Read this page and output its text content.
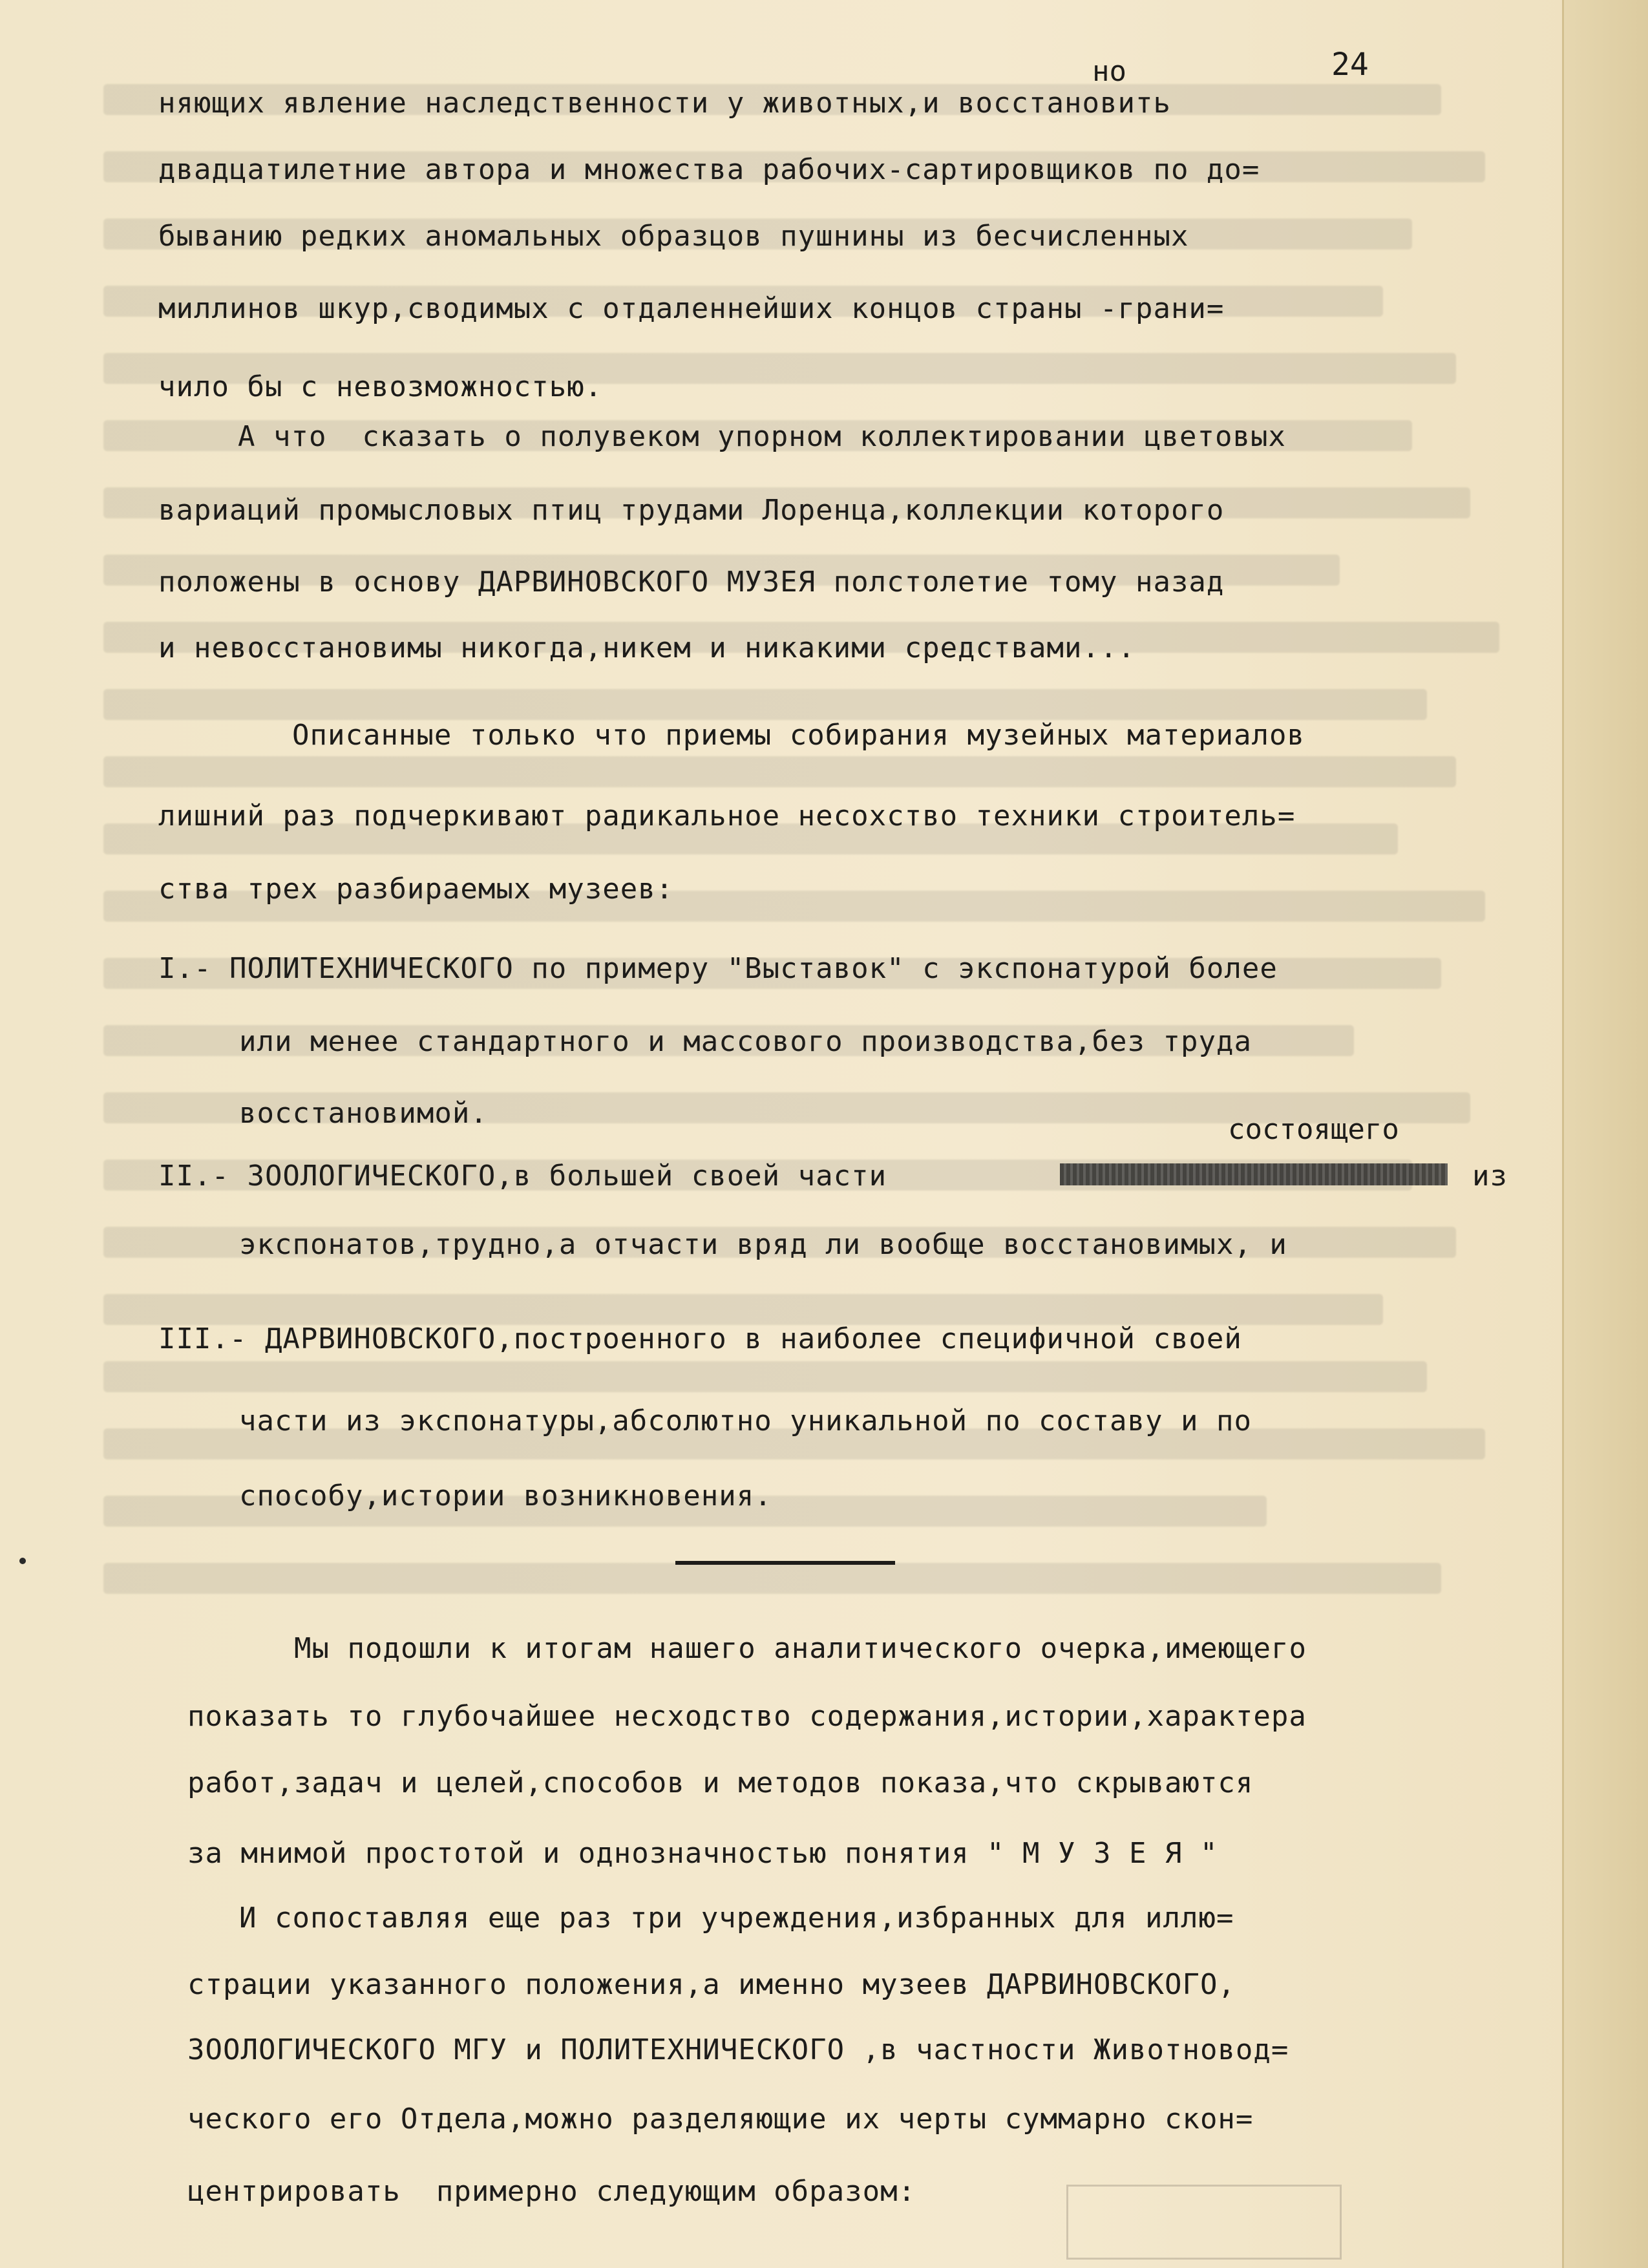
24
но
няющих явление наследственности у животных,и восстановить
двадцатилетние автора и множества рабочих-сартировщиков по до=
быванию редких аномальных образцов пушнины из бесчисленных
миллинов шкур,сводимых с отдаленнейших концов страны -грани=
чило бы с невозможностью.
А что  сказать о полувеком упорном коллектировании цветовых
вариаций промысловых птиц трудами Лоренца,коллекции которого
положены в основу ДАРВИНОВСКОГО МУЗЕЯ полстолетие тому назад
и невосстановимы никогда,никем и никакими средствами...
Описанные только что приемы собирания музейных материалов
лишний раз подчеркивают радикальное несохство техники строитель=
ства трех разбираемых музеев:
I.- ПОЛИТЕХНИЧЕСКОГО по примеру "Выставок" с экспонатурой более
или менее стандартного и массового производства,без труда
восстановимой.	состоящего
II.- ЗООЛОГИЧЕСКОГО,в большей своей части	из
экспонатов,трудно,а отчасти вряд ли вообще восстановимых, и
III.- ДАРВИНОВСКОГО,построенного в наиболее специфичной своей
части из экспонатуры,абсолютно уникальной по составу и по
способу,истории возникновения.
Мы подошли к итогам нашего аналитического очерка,имеющего
показать то глубочайшее несходство содержания,истории,характера
работ,задач и целей,способов и методов показа,что скрываются
за мнимой простотой и однозначностью понятия " М У З Е Я "
И сопоставляя еще раз три учреждения,избранных для иллю=
страции указанного положения,а именно музеев ДАРВИНОВСКОГО,
ЗООЛОГИЧЕСКОГО МГУ и ПОЛИТЕХНИЧЕСКОГО ,в частности Животновод=
ческого его Отдела,можно разделяющие их черты суммарно скон=
центрировать  примерно следующим образом:
